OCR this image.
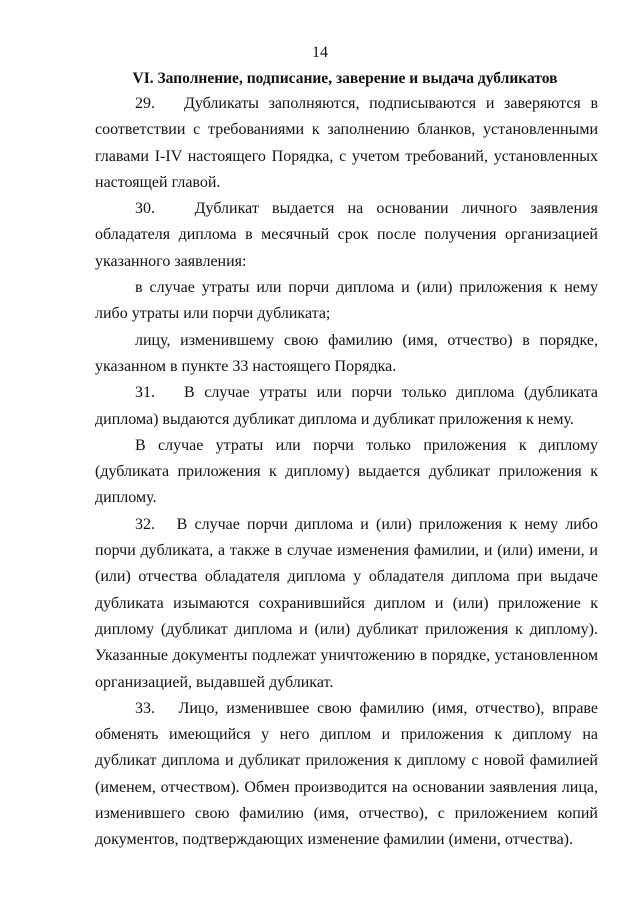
14
VI. Заполнение, подписание, заверение и выдача дубликатов

29.   Дубликаты заполняются, подписываются и заверяются в соответствии с требованиями к заполнению бланков, установленными главами I-IV настоящего Порядка, с учетом требований, установленных настоящей главой.

30.   Дубликат выдается на основании личного заявления обладателя диплома в месячный срок после получения организацией указанного заявления:

в случае утраты или порчи диплома и (или) приложения к нему либо утраты или порчи дубликата;

лицу, изменившему свою фамилию (имя, отчество) в порядке, указанном в пункте 33 настоящего Порядка.

31.   В случае утраты или порчи только диплома (дубликата диплома) выдаются дубликат диплома и дубликат приложения к нему.

В случае утраты или порчи только приложения к диплому (дубликата приложения к диплому) выдается дубликат приложения к диплому.

32.   В случае порчи диплома и (или) приложения к нему либо порчи дубликата, а также в случае изменения фамилии, и (или) имени, и (или) отчества обладателя диплома у обладателя диплома при выдаче дубликата изымаются сохранившийся диплом и (или) приложение к диплому (дубликат диплома и (или) дубликат приложения к диплому). Указанные документы подлежат уничтожению в порядке, установленном организацией, выдавшей дубликат.

33.   Лицо, изменившее свою фамилию (имя, отчество), вправе обменять имеющийся у него диплом и приложения к диплому на дубликат диплома и дубликат приложения к диплому с новой фамилией (именем, отчеством). Обмен производится на основании заявления лица, изменившего свою фамилию (имя, отчество), с приложением копий документов, подтверждающих изменение фамилии (имени, отчества).
